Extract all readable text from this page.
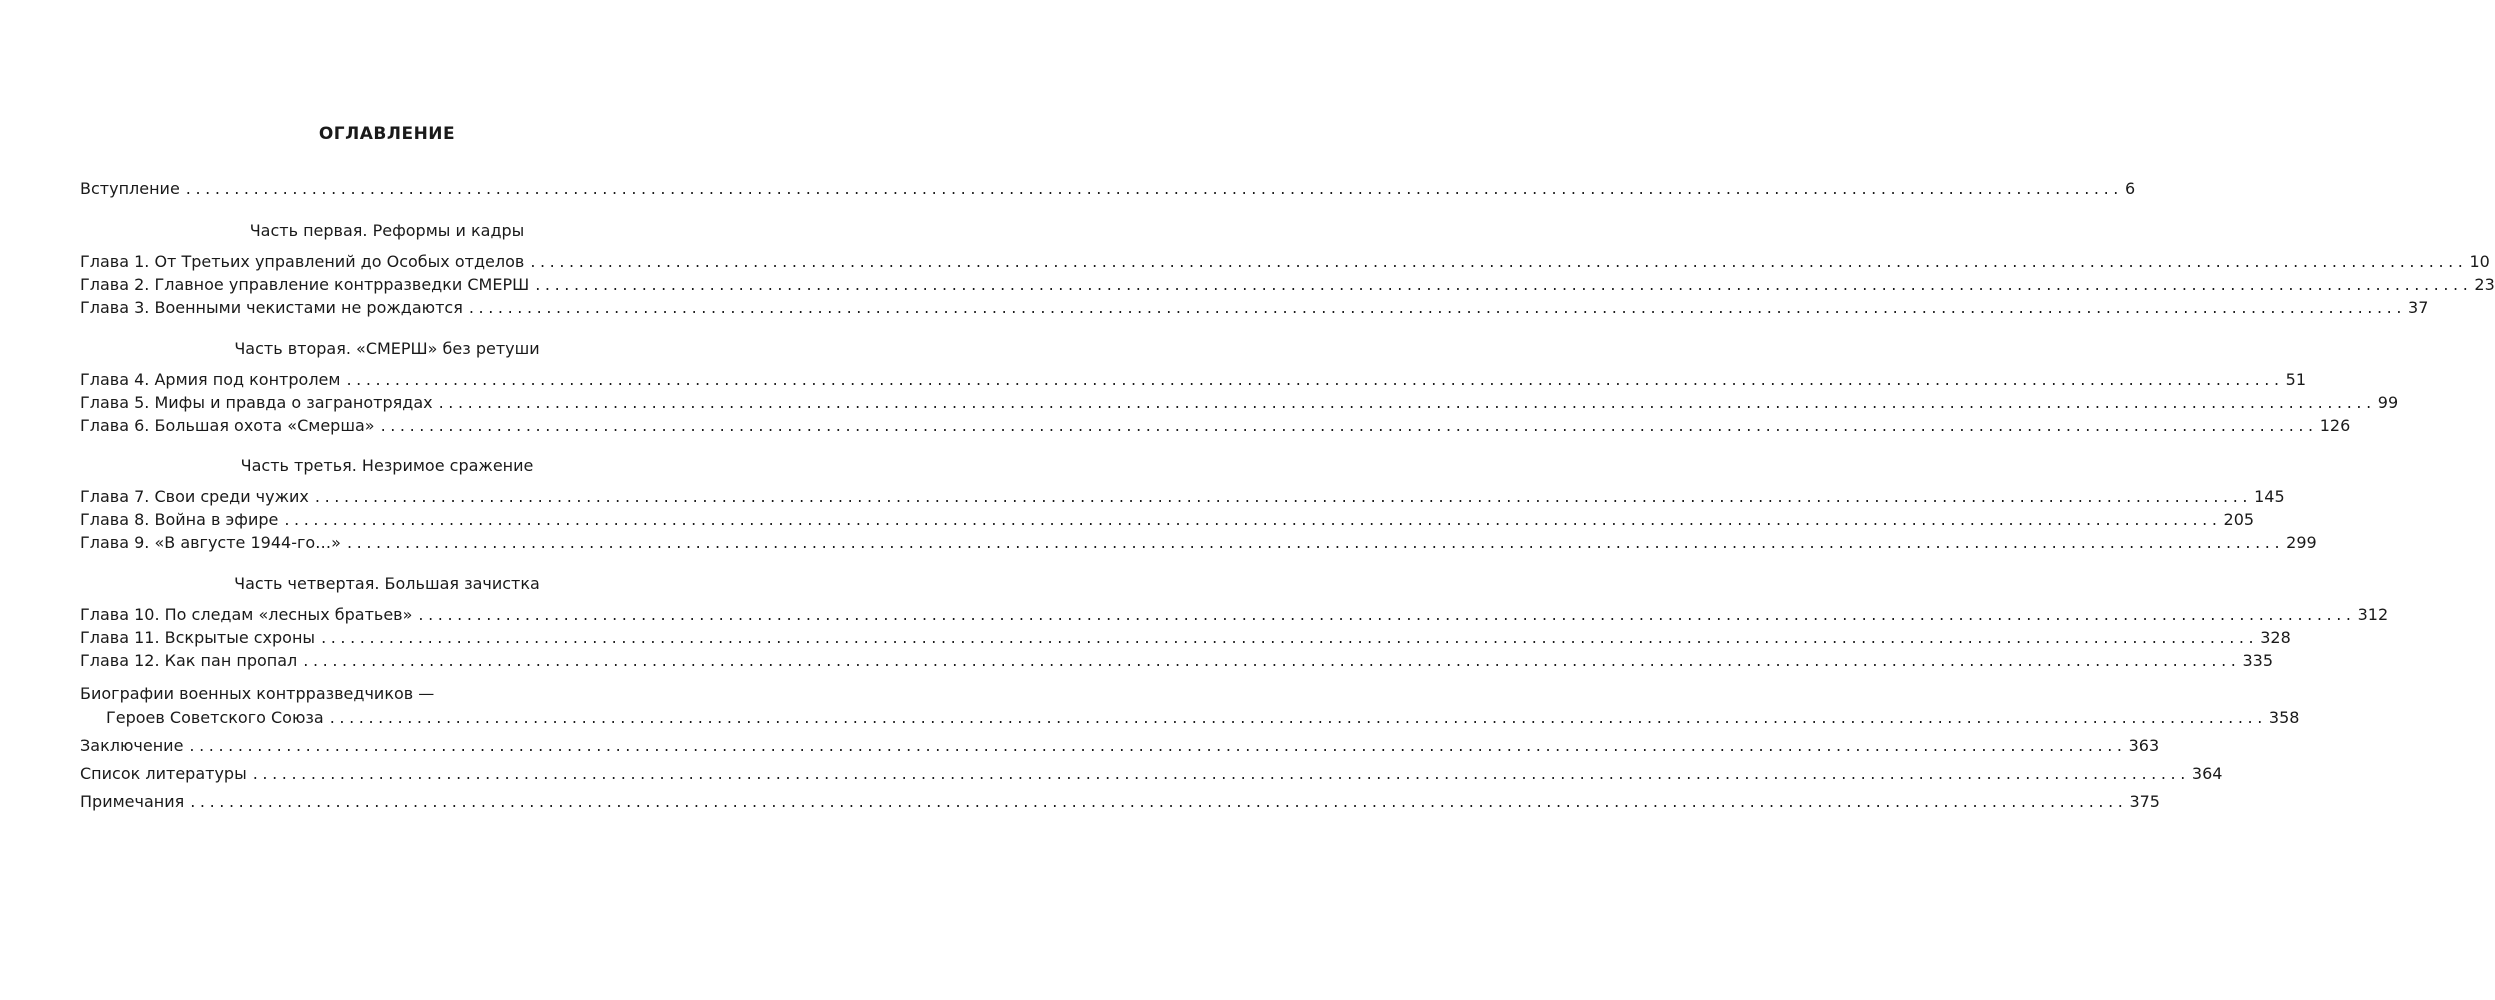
ОГЛАВЛЕНИЕ
Вступление ........................................................................................................................................................................................................ 6
Часть первая. Реформы и кадры
Глава 1. От Третьих управлений до Особых отделов ........................................................................................................................................................................................................ 10
Глава 2. Главное управление контрразведки СМЕРШ ........................................................................................................................................................................................................ 23
Глава 3. Военными чекистами не рождаются ........................................................................................................................................................................................................ 37
Часть вторая. «СМЕРШ» без ретуши
Глава 4. Армия под контролем ........................................................................................................................................................................................................ 51
Глава 5. Мифы и правда о загранотрядах ........................................................................................................................................................................................................ 99
Глава 6. Большая охота «Смерша» ........................................................................................................................................................................................................ 126
Часть третья. Незримое сражение
Глава 7. Свои среди чужих ........................................................................................................................................................................................................ 145
Глава 8. Война в эфире ........................................................................................................................................................................................................ 205
Глава 9. «В августе 1944-го…» ........................................................................................................................................................................................................ 299
Часть четвертая. Большая зачистка
Глава 10. По следам «лесных братьев» ........................................................................................................................................................................................................ 312
Глава 11. Вскрытые схроны ........................................................................................................................................................................................................ 328
Глава 12. Как пан пропал ........................................................................................................................................................................................................ 335
Биографии военных контрразведчиков —
Героев Советского Союза ........................................................................................................................................................................................................ 358
Заключение ........................................................................................................................................................................................................ 363
Список литературы ........................................................................................................................................................................................................ 364
Примечания ........................................................................................................................................................................................................ 375
